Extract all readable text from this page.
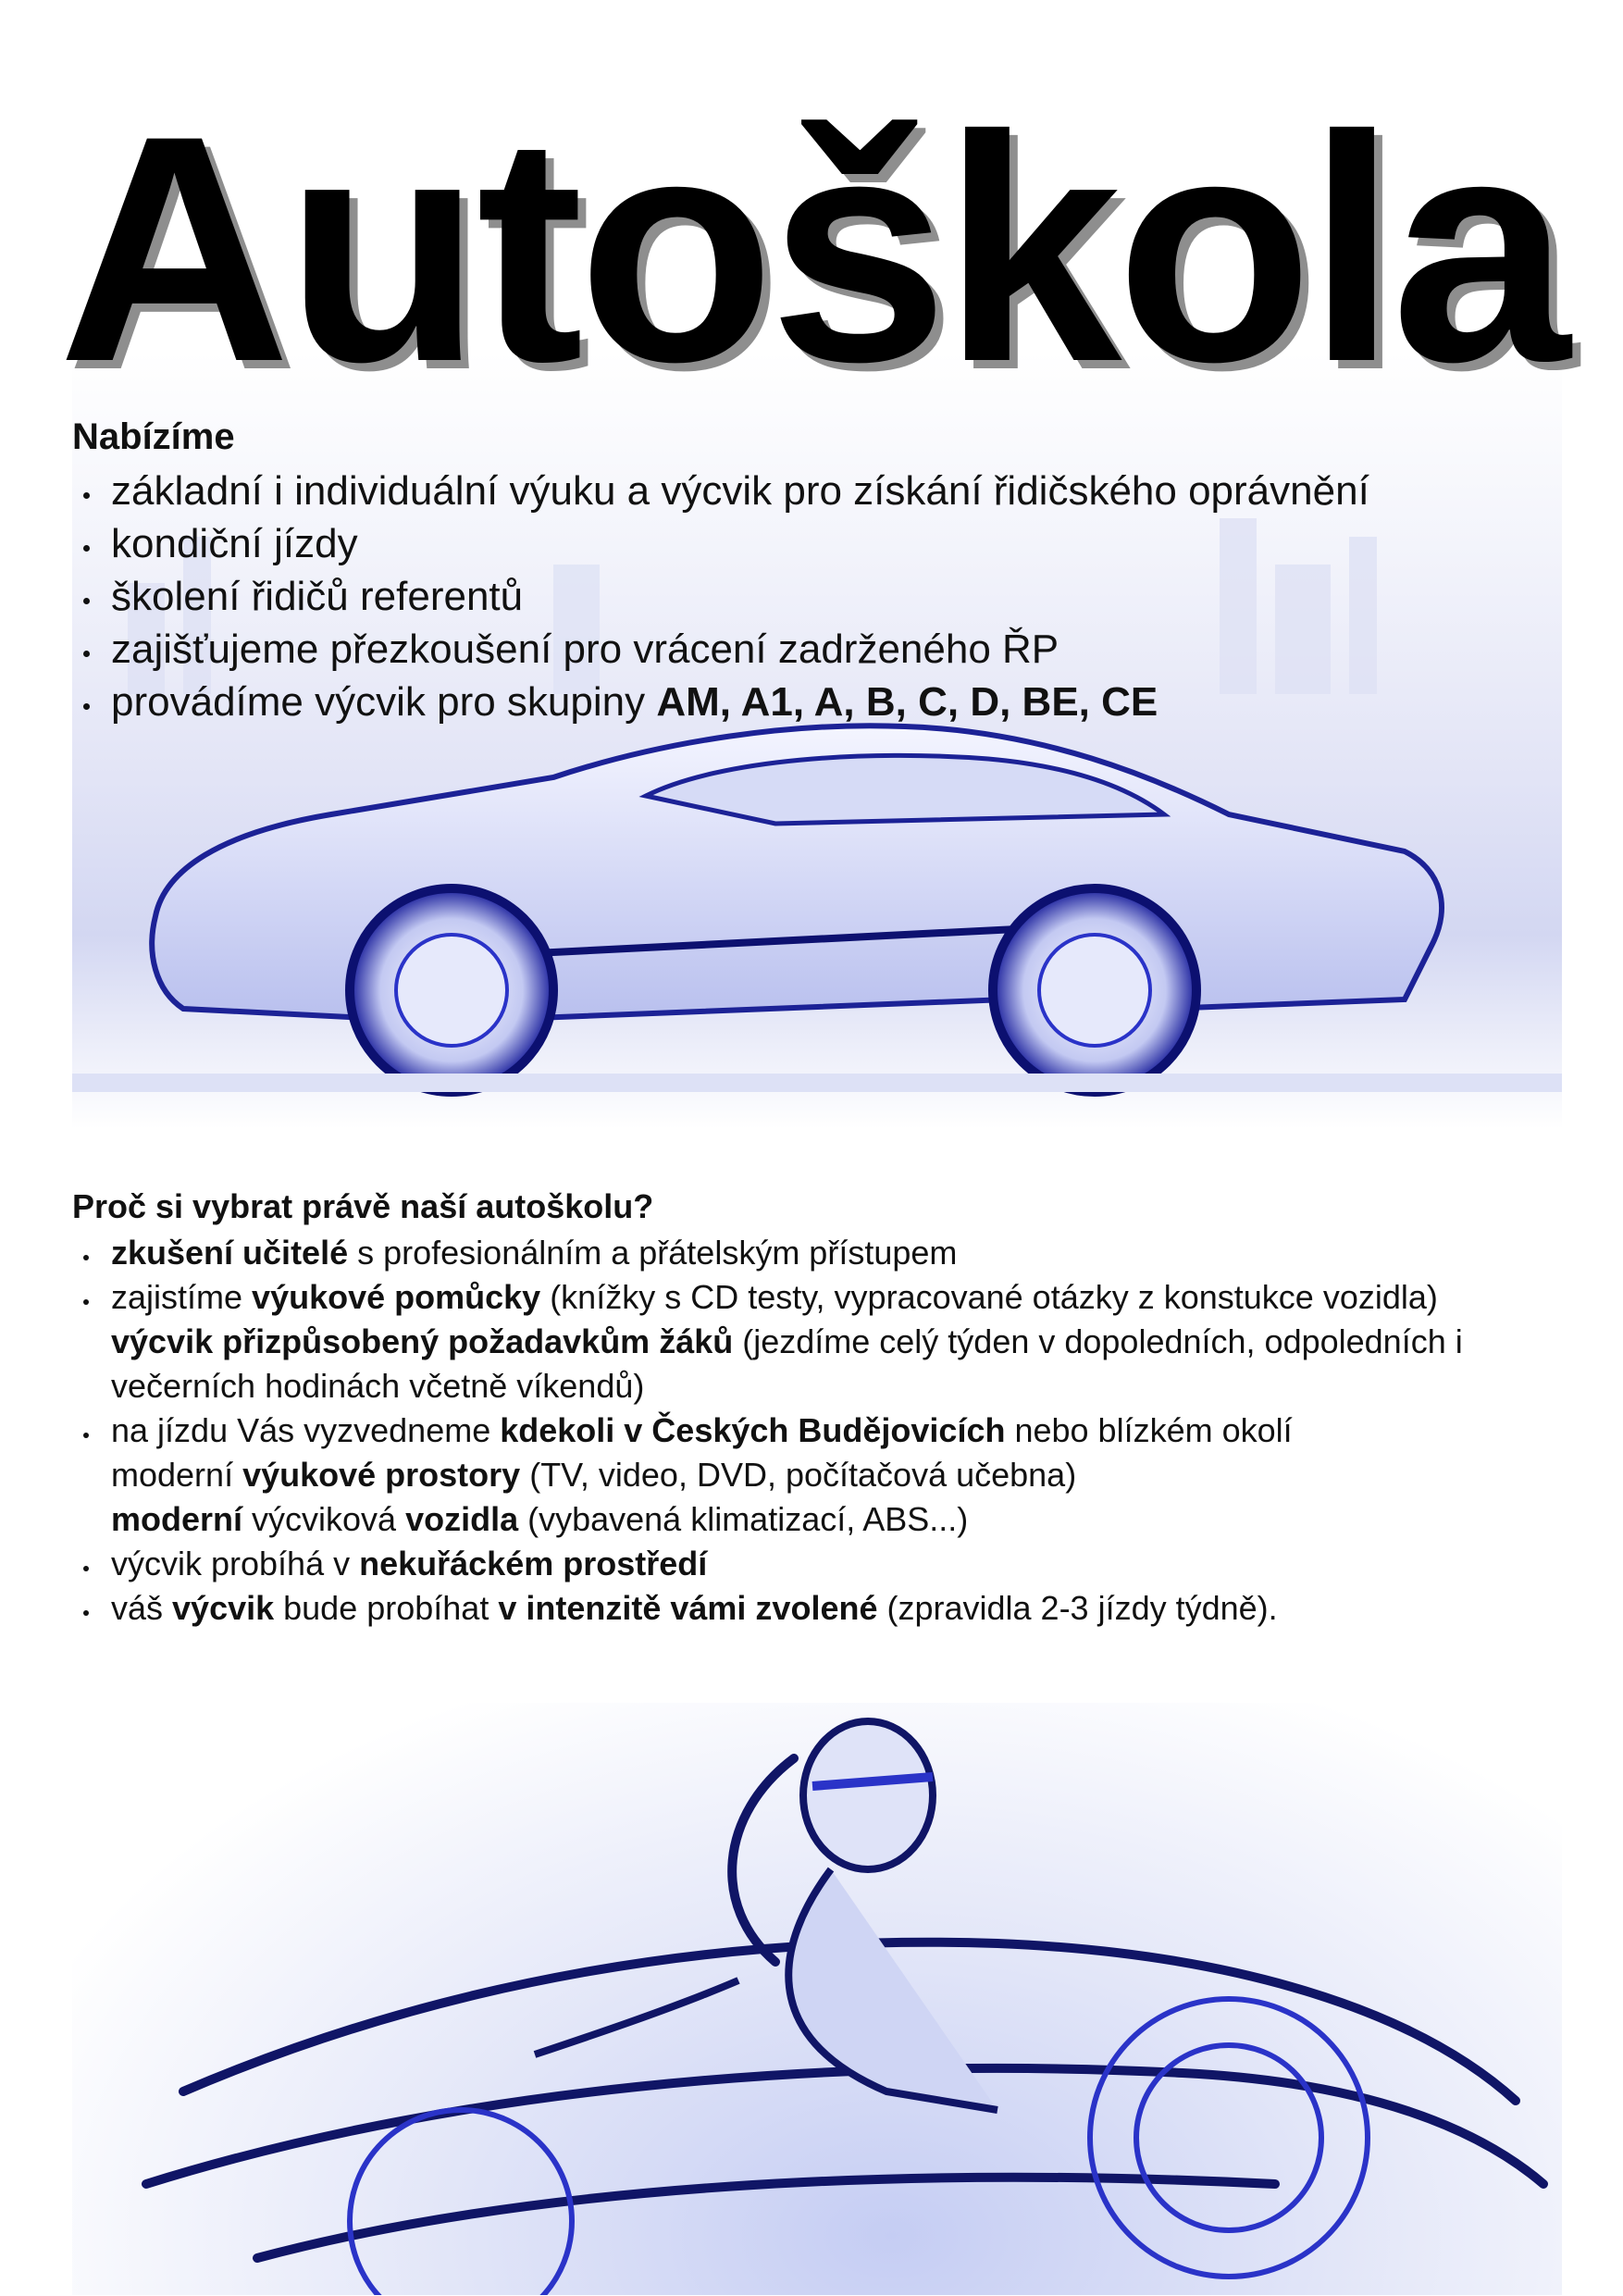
Autoškola
Nabízíme
základní i individuální výuku a výcvik pro získání řidičského oprávnění
kondiční jízdy
školení řidičů referentů
zajišťujeme přezkoušení pro vrácení zadrženého ŘP
provádíme výcvik pro skupiny AM, A1, A, B, C, D, BE, CE
Proč si vybrat právě naší autoškolu?
zkušení učitelé s profesionálním a přátelským přístupem
zajistíme výukové pomůcky (knížky s CD testy, vypracované otázky z konstukce vozidla)
výcvik přizpůsobený požadavkům žáků (jezdíme celý týden v dopoledních, odpoledních i večerních hodinách včetně víkendů)
na jízdu Vás vyzvedneme kdekoli v Českých Budějovicích nebo blízkém okolí
moderní výukové prostory (TV, video, DVD, počítačová učebna)
moderní výcviková vozidla (vybavená klimatizací, ABS...)
výcvik probíhá v nekuřáckém prostředí
váš výcvik bude probíhat v intenzitě vámi zvolené (zpravidla 2-3 jízdy týdně).
